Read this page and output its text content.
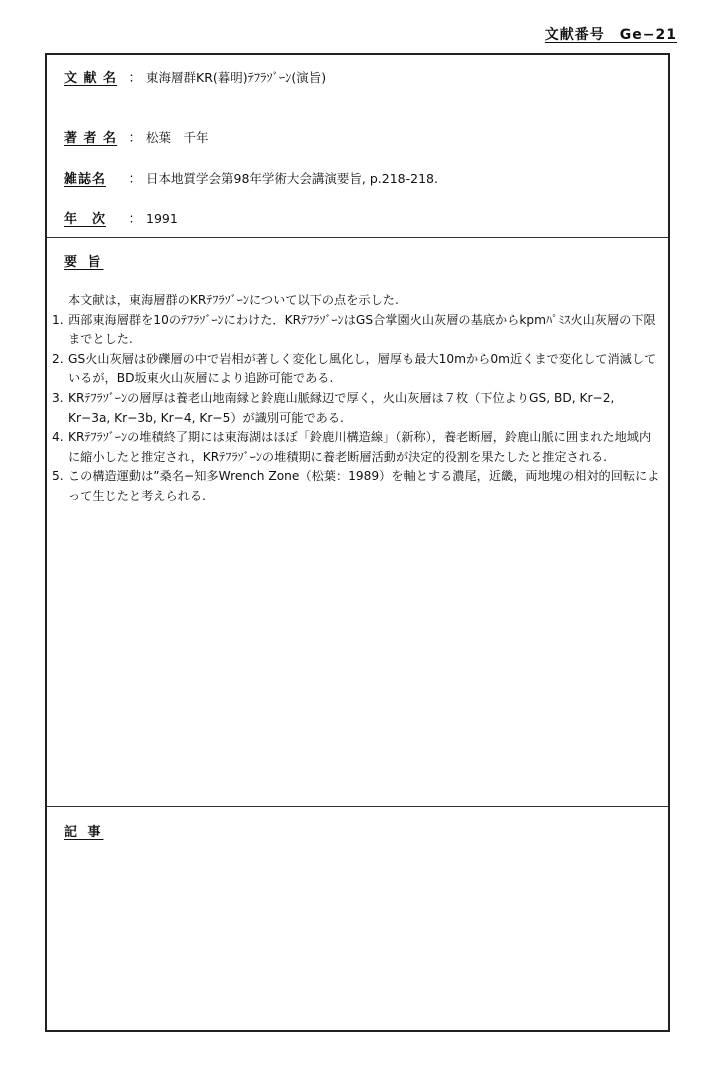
文献番号　Ge−21
文 献 名 ： 東海層群KR(暮明)ﾃﾌﾗｿﾞｰﾝ(演旨)
著 者 名 ： 松葉　千年
雑誌名	： 日本地質学会第98年学術大会講演要旨, p.218-218.
年　次	： 1991
要 旨
本文献は，東海層群のKRﾃﾌﾗｿﾞｰﾝについて以下の点を示した.
1. 西部東海層群を10のﾃﾌﾗｿﾞｰﾝにわけた．KRﾃﾌﾗｿﾞｰﾝはGS合掌園火山灰層の基底からkpmﾊﾟﾐｽ火山灰層の下限までとした.
2. GS火山灰層は砂礫層の中で岩相が著しく変化し風化し，層厚も最大10mから0m近くまで変化して消滅しているが，BD坂東火山灰層により追跡可能である.
3. KRﾃﾌﾗｿﾞｰﾝの層厚は養老山地南縁と鈴鹿山脈縁辺で厚く，火山灰層は７枚（下位よりGS, BD, Kr−2, Kr−3a, Kr−3b, Kr−4, Kr−5）が識別可能である.
4. KRﾃﾌﾗｿﾞｰﾝの堆積終了期には東海湖はほぼ「鈴鹿川構造線」（新称），養老断層，鈴鹿山脈に囲まれた地域内に縮小したと推定され，KRﾃﾌﾗｿﾞｰﾝの堆積期に養老断層活動が決定的役割を果たしたと推定される.
5. この構造運動は”桑名−知多Wrench Zone（松葉：1989）を軸とする濃尾，近畿，両地塊の相対的回転によって生じたと考えられる.
記 事
